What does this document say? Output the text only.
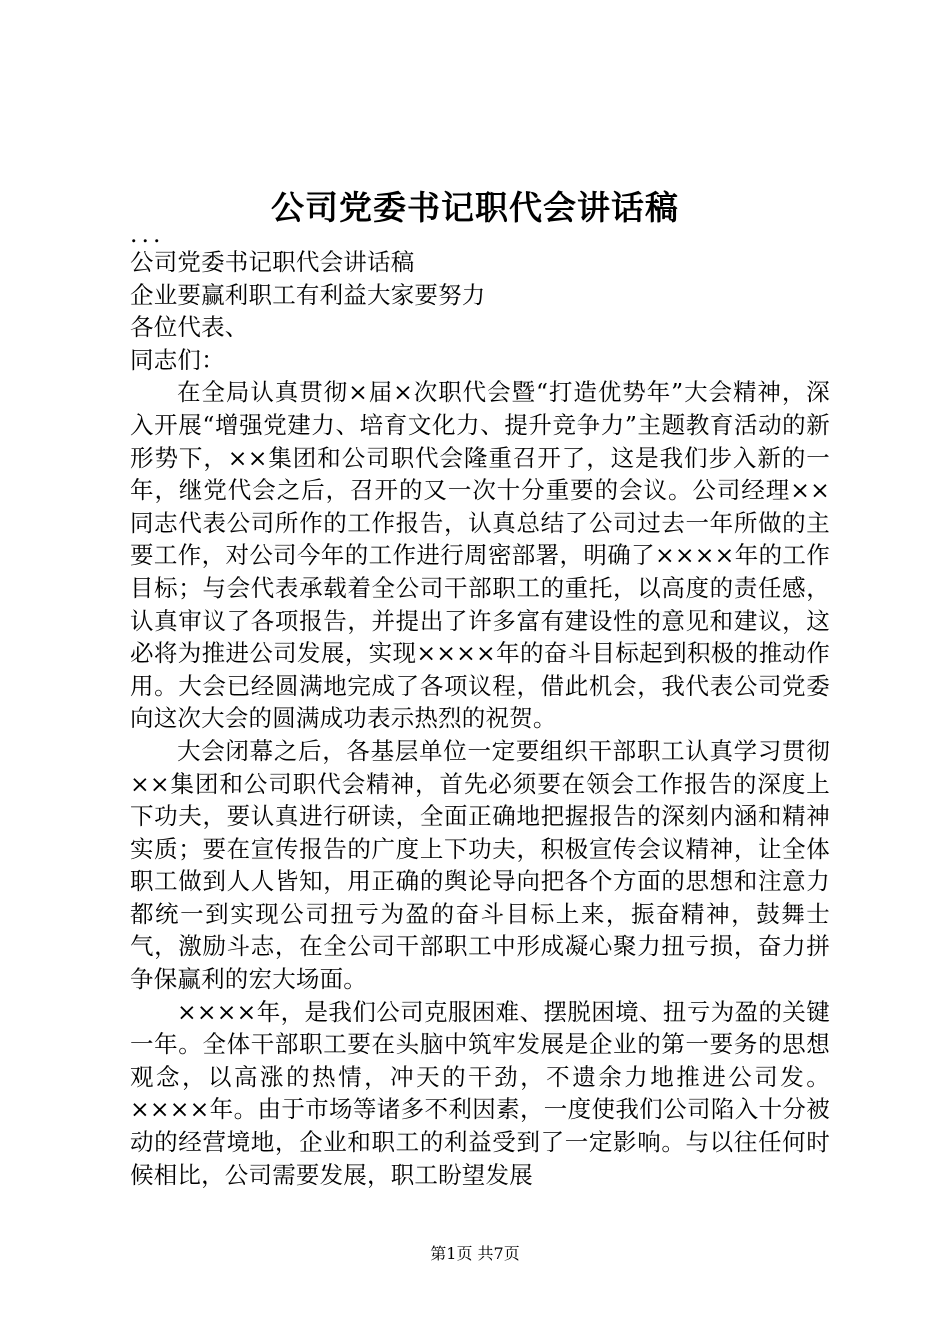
公司党委书记职代会讲话稿

...

公司党委书记职代会讲话稿

企业要赢利职工有利益大家要努力

各位代表、

同志们：

在全局认真贯彻×届×次职代会暨“打造优势年”大会精神，深入开展“增强党建力、培育文化力、提升竞争力”主题教育活动的新形势下，××集团和公司职代会隆重召开了，这是我们步入新的一年，继党代会之后，召开的又一次十分重要的会议。公司经理××同志代表公司所作的工作报告，认真总结了公司过去一年所做的主要工作，对公司今年的工作进行周密部署，明确了××××年的工作目标；与会代表承载着全公司干部职工的重托，以高度的责任感，认真审议了各项报告，并提出了许多富有建设性的意见和建议，这必将为推进公司发展，实现××××年的奋斗目标起到积极的推动作用。大会已经圆满地完成了各项议程，借此机会，我代表公司党委向这次大会的圆满成功表示热烈的祝贺。

大会闭幕之后，各基层单位一定要组织干部职工认真学习贯彻××集团和公司职代会精神，首先必须要在领会工作报告的深度上下功夫，要认真进行研读，全面正确地把握报告的深刻内涵和精神实质；要在宣传报告的广度上下功夫，积极宣传会议精神，让全体职工做到人人皆知，用正确的舆论导向把各个方面的思想和注意力都统一到实现公司扭亏为盈的奋斗目标上来，振奋精神，鼓舞士气，激励斗志，在全公司干部职工中形成凝心聚力扭亏损，奋力拼争保赢利的宏大场面。

××××年，是我们公司克服困难、摆脱困境、扭亏为盈的关键一年。全体干部职工要在头脑中筑牢发展是企业的第一要务的思想观念，以高涨的热情，冲天的干劲，不遗余力地推进公司发。××××年。由于市场等诸多不利因素，一度使我们公司陷入十分被动的经营境地，企业和职工的利益受到了一定影响。与以往任何时候相比，公司需要发展，职工盼望发展

第1页 共7页
